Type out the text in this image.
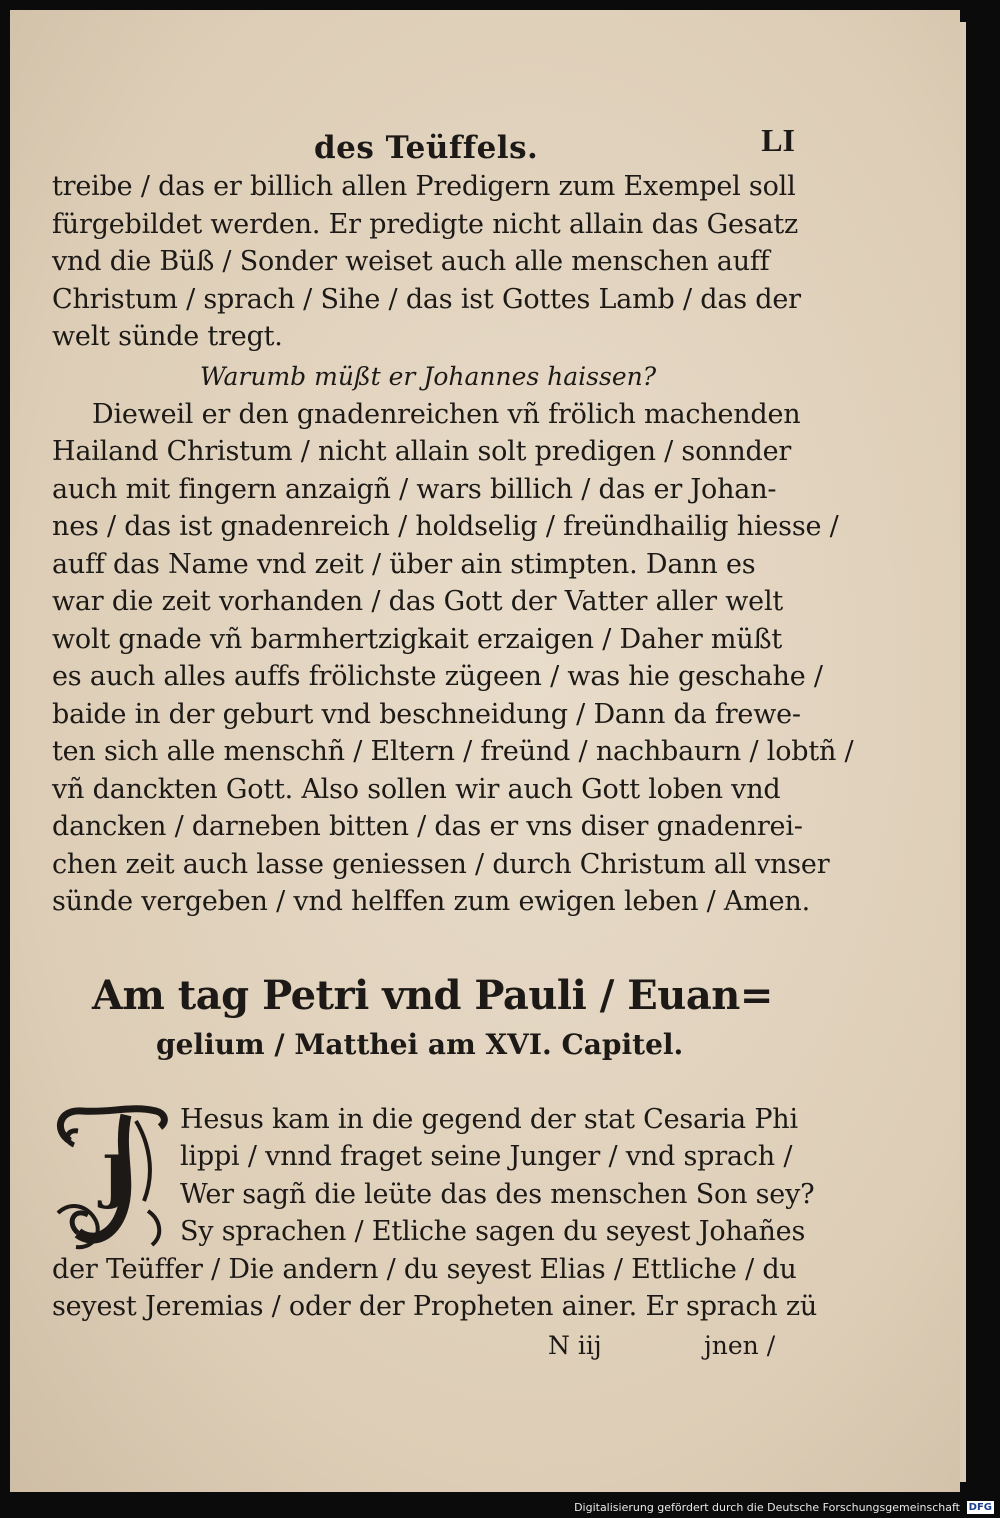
des Teüffels.	LI
treibe / das er billich allen Predigern zum Exempel soll
fürgebildet werden. Er predigte nicht allain das Gesatz
vnd die Büß / Sonder weiset auch alle menschen auff
Christum / sprach / Sihe / das ist Gottes Lamb / das der
welt sünde tregt.
Warumb müßt er Johannes haissen?
Dieweil er den gnadenreichen vñ frölich machenden
Hailand Christum / nicht allain solt predigen / sonnder
auch mit fingern anzaigñ / wars billich / das er Johan-
nes / das ist gnadenreich / holdselig / freündhailig hiesse /
auff das Name vnd zeit / über ain stimpten. Dann es
war die zeit vorhanden / das Gott der Vatter aller welt
wolt gnade vñ barmhertzigkait erzaigen / Daher müßt
es auch alles auffs frölichste zügeen / was hie geschahe /
baide in der geburt vnd beschneidung / Dann da frewe-
ten sich alle menschñ / Eltern / freünd / nachbaurn / lobtñ /
vñ danckten Gott. Also sollen wir auch Gott loben vnd
dancken / darneben bitten / das er vns diser gnadenrei-
chen zeit auch lasse geniessen / durch Christum all vnser
sünde vergeben / vnd helffen zum ewigen leben / Amen.
Am tag Petri vnd Pauli / Euan=
gelium / Matthei am XVI. Capitel.
J
Hesus kam in die gegend der stat Cesaria Phi
lippi / vnnd fraget seine Junger / vnd sprach /
Wer sagñ die leüte das des menschen Son sey?
Sy sprachen / Etliche sagen du seyest Johañes
der Teüffer / Die andern / du seyest Elias / Ettliche / du
seyest Jeremias / oder der Propheten ainer. Er sprach zü
N iij	jnen /
Digitalisierung gefördert durch die Deutsche Forschungsgemeinschaft DFG
